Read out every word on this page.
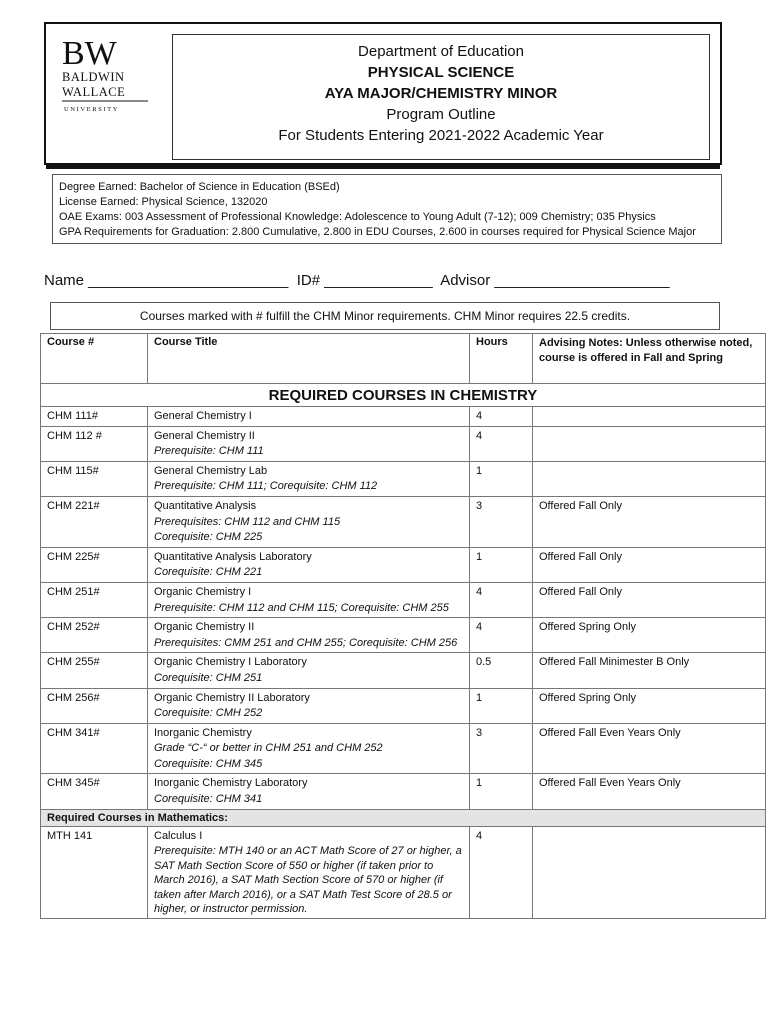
BW
BALDWIN
WALLACE
UNIVERSITY
Department of Education
PHYSICAL SCIENCE
AYA MAJOR/CHEMISTRY MINOR
Program Outline
For Students Entering 2021-2022 Academic Year
Degree Earned: Bachelor of Science in Education (BSEd)
License Earned: Physical Science, 132020
OAE Exams: 003 Assessment of Professional Knowledge: Adolescence to Young Adult (7-12); 009 Chemistry; 035 Physics
GPA Requirements for Graduation: 2.800 Cumulative, 2.800 in EDU Courses, 2.600 in courses required for Physical Science Major
Name ________________________  ID# _____________  Advisor _____________________
Courses marked with # fulfill the CHM Minor requirements. CHM Minor requires 22.5 credits.
Course #	Course Title	Hours	Advising Notes: Unless otherwise noted, course is offered in Fall and Spring
REQUIRED COURSES IN CHEMISTRY			
CHM 111#	General Chemistry I	4	
CHM 112 #	General Chemistry II
Prerequisite: CHM 111	4	
CHM 115#	General Chemistry Lab
Prerequisite: CHM 111; Corequisite: CHM 112	1	
CHM 221#	Quantitative Analysis
Prerequisites: CHM 112 and CHM 115
Corequisite: CHM 225	3	Offered Fall Only
CHM 225#	Quantitative Analysis Laboratory
Corequisite: CHM 221	1	Offered Fall Only
CHM 251#	Organic Chemistry I
Prerequisite: CHM 112 and CHM 115; Corequisite: CHM 255	4	Offered Fall Only
CHM 252#	Organic Chemistry II
Prerequisites: CMM 251 and CHM 255; Corequisite: CHM 256	4	Offered Spring Only
CHM 255#	Organic Chemistry I Laboratory
Corequisite: CHM 251	0.5	Offered Fall Minimester B Only
CHM 256#	Organic Chemistry II Laboratory
Corequisite: CMH 252	1	Offered Spring Only
CHM 341#	Inorganic Chemistry
Grade “C-“ or better in CHM 251 and CHM 252
Corequisite: CHM 345	3	Offered Fall Even Years Only
CHM 345#	Inorganic Chemistry Laboratory
Corequisite: CHM 341	1	Offered Fall Even Years Only
Required Courses in Mathematics:			
MTH 141	Calculus I
Prerequisite: MTH 140 or an ACT Math Score of 27 or higher, a SAT Math Section Score of 550 or higher (if taken prior to March 2016), a SAT Math Section Score of 570 or higher (if taken after March 2016), or a SAT Math Test Score of 28.5 or higher, or instructor permission.	4	
